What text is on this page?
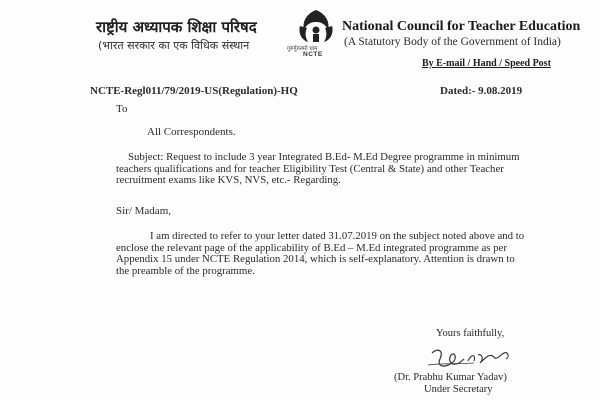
राष्ट्रीय अध्यापक शिक्षा परिषद
(भारत सरकार का एक विधिक संस्थान	गुरुर्गुरुतमो धाम
NCTE
National Council for Teacher Education
(A Statutory Body of the Government of India)
By E-mail / Hand / Speed Post
NCTE-Regl011/79/2019-US(Regulation)-HQ	Dated:- 9.08.2019
To
All Correspondents.
Subject: Request to include 3 year Integrated B.Ed- M.Ed Degree programme in minimum
teachers qualifications and for teacher Eligibility Test (Central & State) and other Teacher
recruitment exams like KVS, NVS, etc.- Regarding.
Sir/ Madam,
I am directed to refer to your letter dated 31.07.2019 on the subject noted above and to
enclose the relevant page of the applicability of B.Ed – M.Ed integrated programme as per
Appendix 15 under NCTE Regulation 2014, which is self-explanatory. Attention is drawn to
the preamble of the programme.
Yours faithfully,
(Dr. Prabhu Kumar Yadav)
Under Secretary
